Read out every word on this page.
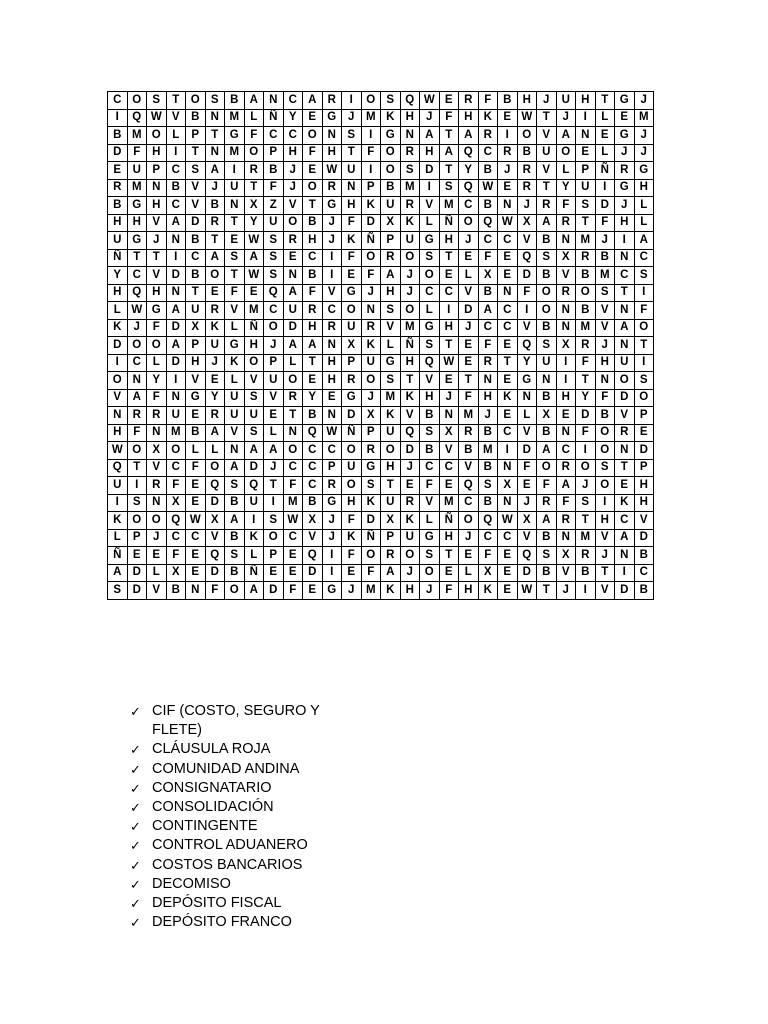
C	O	S	T	O	S	B	A	N	C	A	R	I	O	S	Q	W	E	R	F	B	H	J	U	H	T	G	J
I	Q	W	V	B	N	M	L	Ñ	Y	E	G	J	M	K	H	J	F	H	K	E	W	T	J	I	L	E	M
B	M	O	L	P	T	G	F	C	C	O	N	S	I	G	N	A	T	A	R	I	O	V	A	N	E	G	J
D	F	H	I	T	N	M	O	P	H	F	H	T	F	O	R	H	A	Q	C	R	B	U	O	E	L	J	J
E	U	P	C	S	A	I	R	B	J	E	W	U	I	O	S	D	T	Y	B	J	R	V	L	P	Ñ	R	G
R	M	N	B	V	J	U	T	F	J	O	R	N	P	B	M	I	S	Q	W	E	R	T	Y	U	I	G	H
B	G	H	C	V	B	N	X	Z	V	T	G	H	K	U	R	V	M	C	B	N	J	R	F	S	D	J	L
H	H	V	A	D	R	T	Y	U	O	B	J	F	D	X	K	L	Ñ	O	Q	W	X	A	R	T	F	H	L
U	G	J	N	B	T	E	W	S	R	H	J	K	Ñ	P	U	G	H	J	C	C	V	B	N	M	J	I	A
Ñ	T	T	I	C	A	S	A	S	E	C	I	F	O	R	O	S	T	E	F	E	Q	S	X	R	B	N	C
Y	C	V	D	B	O	T	W	S	N	B	I	E	F	A	J	O	E	L	X	E	D	B	V	B	M	C	S
H	Q	H	N	T	E	F	E	Q	A	F	V	G	J	H	J	C	C	V	B	N	F	O	R	O	S	T	I
L	W	G	A	U	R	V	M	C	U	R	C	O	N	S	O	L	I	D	A	C	I	O	N	B	V	N	F
K	J	F	D	X	K	L	Ñ	O	D	H	R	U	R	V	M	G	H	J	C	C	V	B	N	M	V	A	O
D	O	O	A	P	U	G	H	J	A	A	N	X	K	L	Ñ	S	T	E	F	E	Q	S	X	R	J	N	T
I	C	L	D	H	J	K	O	P	L	T	H	P	U	G	H	Q	W	E	R	T	Y	U	I	F	H	U	I
O	N	Y	I	V	E	L	V	U	O	E	H	R	O	S	T	V	E	T	N	E	G	N	I	T	N	O	S
V	A	F	N	G	Y	U	S	V	R	Y	E	G	J	M	K	H	J	F	H	K	N	B	H	Y	F	D	O
N	R	R	U	E	R	U	U	E	T	B	N	D	X	K	V	B	N	M	J	E	L	X	E	D	B	V	P
H	F	N	M	B	A	V	S	L	N	Q	W	Ñ	P	U	Q	S	X	R	B	C	V	B	N	F	O	R	E
W	O	X	O	L	L	N	A	A	O	C	C	O	R	O	D	B	V	B	M	I	D	A	C	I	O	N	D
Q	T	V	C	F	O	A	D	J	C	C	P	U	G	H	J	C	C	V	B	N	F	O	R	O	S	T	P
U	I	R	F	E	Q	S	Q	T	F	C	R	O	S	T	E	F	E	Q	S	X	E	F	A	J	O	E	H
I	S	N	X	E	D	B	U	I	M	B	G	H	K	U	R	V	M	C	B	N	J	R	F	S	I	K	H
K	O	O	Q	W	X	A	I	S	W	X	J	F	D	X	K	L	Ñ	O	Q	W	X	A	R	T	H	C	V
L	P	J	C	C	V	B	K	O	C	V	J	K	Ñ	P	U	G	H	J	C	C	V	B	N	M	V	A	D
Ñ	E	E	F	E	Q	S	L	P	E	Q	I	F	O	R	O	S	T	E	F	E	Q	S	X	R	J	N	B
A	D	L	X	E	D	B	Ñ	E	E	D	I	E	F	A	J	O	E	L	X	E	D	B	V	B	T	I	C
S	D	V	B	N	F	O	A	D	F	E	G	J	M	K	H	J	F	H	K	E	W	T	J	I	V	D	B
✓ CIF (COSTO, SEGURO Y FLETE)
✓ CLÁUSULA ROJA
✓ COMUNIDAD ANDINA
✓ CONSIGNATARIO
✓ CONSOLIDACIÓN
✓ CONTINGENTE
✓ CONTROL ADUANERO
✓ COSTOS BANCARIOS
✓ DECOMISO
✓ DEPÓSITO FISCAL
✓ DEPÓSITO FRANCO
